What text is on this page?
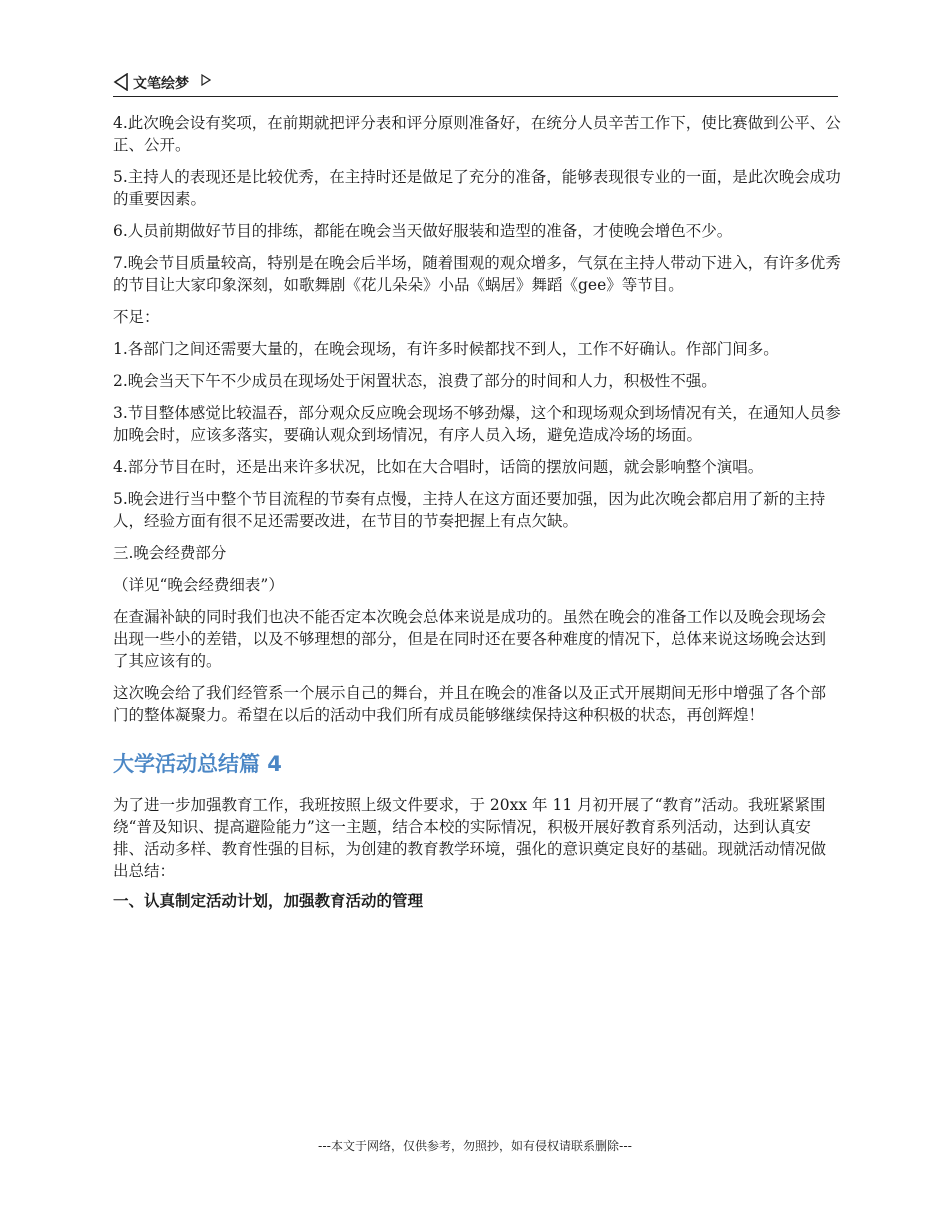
文笔绘梦

4.此次晚会设有奖项，在前期就把评分表和评分原则准备好，在统分人员辛苦工作下，使比赛做到公平、公正、公开。

5.主持人的表现还是比较优秀，在主持时还是做足了充分的准备，能够表现很专业的一面，是此次晚会成功的重要因素。

6.人员前期做好节目的排练，都能在晚会当天做好服装和造型的准备，才使晚会增色不少。

7.晚会节目质量较高，特别是在晚会后半场，随着围观的观众增多，气氛在主持人带动下进入，有许多优秀的节目让大家印象深刻，如歌舞剧《花儿朵朵》小品《蜗居》舞蹈《gee》等节目。

不足：

1.各部门之间还需要大量的，在晚会现场，有许多时候都找不到人，工作不好确认。作部门间多。

2.晚会当天下午不少成员在现场处于闲置状态，浪费了部分的时间和人力，积极性不强。

3.节目整体感觉比较温吞，部分观众反应晚会现场不够劲爆，这个和现场观众到场情况有关，在通知人员参加晚会时，应该多落实，要确认观众到场情况，有序人员入场，避免造成冷场的场面。

4.部分节目在时，还是出来许多状况，比如在大合唱时，话筒的摆放问题，就会影响整个演唱。

5.晚会进行当中整个节目流程的节奏有点慢，主持人在这方面还要加强，因为此次晚会都启用了新的主持人，经验方面有很不足还需要改进，在节目的节奏把握上有点欠缺。

三.晚会经费部分

（详见“晚会经费细表”）

在查漏补缺的同时我们也决不能否定本次晚会总体来说是成功的。虽然在晚会的准备工作以及晚会现场会出现一些小的差错，以及不够理想的部分，但是在同时还在要各种难度的情况下，总体来说这场晚会达到了其应该有的。

这次晚会给了我们经管系一个展示自己的舞台，并且在晚会的准备以及正式开展期间无形中增强了各个部门的整体凝聚力。希望在以后的活动中我们所有成员能够继续保持这种积极的状态，再创辉煌！

大学活动总结篇 4

为了进一步加强教育工作，我班按照上级文件要求，于 20xx 年 11 月初开展了“教育”活动。我班紧紧围绕“普及知识、提高避险能力”这一主题，结合本校的实际情况，积极开展好教育系列活动，达到认真安排、活动多样、教育性强的目标，为创建的教育教学环境，强化的意识奠定良好的基础。现就活动情况做出总结：

一、认真制定活动计划，加强教育活动的管理
---本文于网络，仅供参考，勿照抄，如有侵权请联系删除---
